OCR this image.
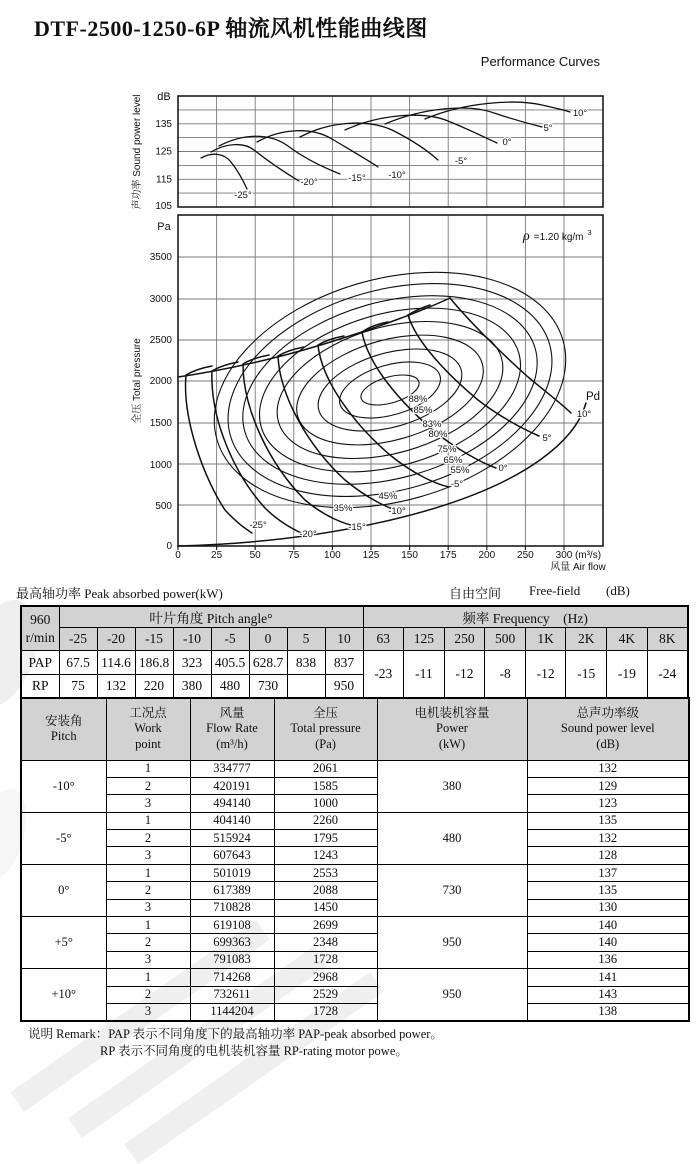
DTF-2500-1250-6P 轴流风机性能曲线图
Performance Curves
dB
Pa
声功率 Sound power level
全压 Total pressure
(m³/s)
风量 Air flow
Pd
ρ =1.20 kg/m $^3$
135
125
115
105
-25°
-20°	-15° -10°
-5°
0°
5°
10°
3500
3000
2500
2000
1500
1000
500
0
0	25	50	75 100 125 150 175 200 250 300
88%
85%
83%
80%
75%
65%
55%
45%
35%
-25°
-20°
-15°
-10°
-5°
0°
5°
10°
最高轴功率 Peak absorbed power(kW)	自由空间 Free-field (dB)
960
r/min	叶片角度 Pitch angle°								频率 Frequency　(Hz)							
	-25	-20	-15	-10	-5	0	5	10	63	125	250	500	1K	2K	4K	8K
PAP	67.5	114.6	186.8	323	405.5	628.7	838	837	-23	-11	-12	-8	-12	-15	-19	-24
RP	75	132	220	380	480	730		950								
安装角
Pitch

工况点
Work
point

风量
Flow Rate
(m³/h)

全压
Total pressure
(Pa)

电机装机容量
Power
(kW)

总声功率级
Sound power level
(dB)

-10°	1	334777	2061	380	132
	2	420191	1585		129
	3	494140	1000		123
-5°	1	404140	2260	480	135
	2	515924	1795		132
	3	607643	1243		128
0°	1	501019	2553	730	137
	2	617389	2088		135
	3	710828	1450		130
+5°	1	619108	2699	950	140
	2	699363	2348		140
	3	791083	1728		136
+10°	1	714268	2968	950	141
	2	732611	2529		143
	3	1144204	1728		138
说明 Remark：PAP 表示不同角度下的最高轴功率 PAP-peak absorbed power。
RP 表示不同角度的电机装机容量 RP-rating motor powe。
